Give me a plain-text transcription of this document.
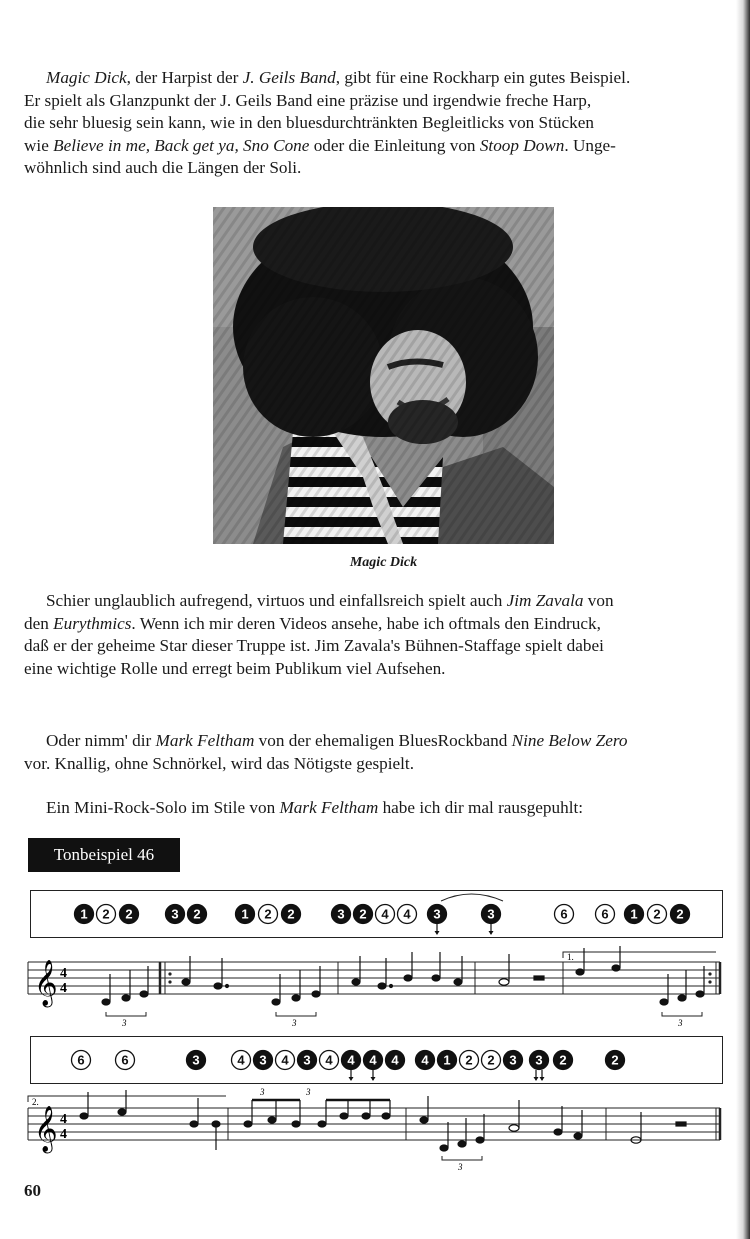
Magic Dick, der Harpist der J. Geils Band, gibt für eine Rockharp ein gutes Beispiel.
Er spielt als Glanzpunkt der J. Geils Band eine präzise und irgendwie freche Harp,
die sehr bluesig sein kann, wie in den bluesdurchtränkten Begleitlicks von Stücken
wie Believe in me, Back get ya, Sno Cone oder die Einleitung von Stoop Down. Unge-
wöhnlich sind auch die Längen der Soli.
Magic Dick
Schier unglaublich aufregend, virtuos und einfallsreich spielt auch Jim Zavala von
den Eurythmics. Wenn ich mir deren Videos ansehe, habe ich oftmals den Eindruck,
daß er der geheime Star dieser Truppe ist. Jim Zavala's Bühnen-Staffage spielt dabei
eine wichtige Rolle und erregt beim Publikum viel Aufsehen.
Oder nimm' dir Mark Feltham von der ehemaligen BluesRockband Nine Below Zero
vor. Knallig, ohne Schnörkel, wird das Nötigste gespielt.
Ein Mini-Rock-Solo im Stile von Mark Feltham habe ich dir mal rausgepuhlt:
Tonbeispiel 46
1 2 2	3 2	1 2 2	3 2 4 4 3	3	6	6 1 2 2
𝄞 4
4
1.
3	3	3
6	6	3	4 3 4 3 4 4 4 4 4 1 2 2 3 3 2	2
2.
𝄞 4
4
3
3	3
60
